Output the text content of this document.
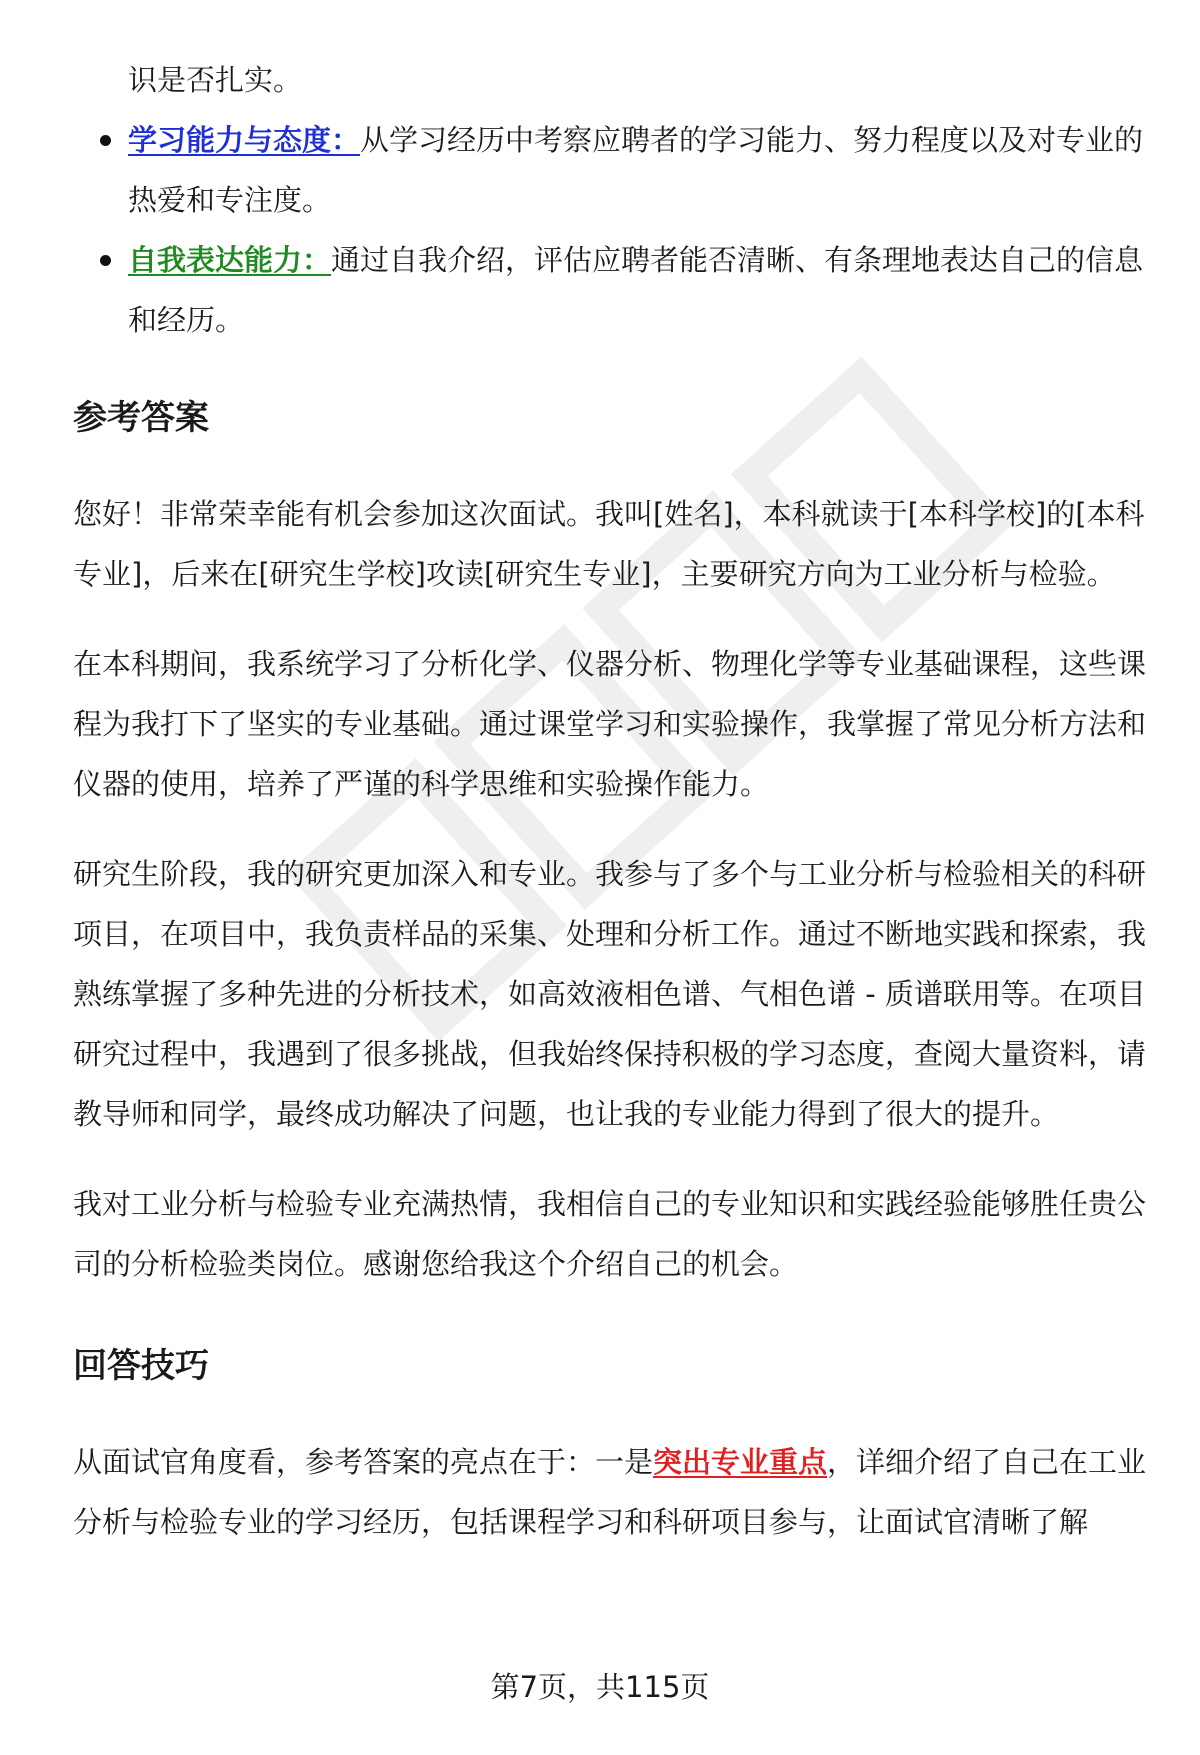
识是否扎实。
学习能力与态度：从学习经历中考察应聘者的学习能力、努力程度以及对专业的热爱和专注度。
自我表达能力：通过自我介绍，评估应聘者能否清晰、有条理地表达自己的信息和经历。
参考答案

您好！非常荣幸能有机会参加这次面试。我叫[姓名]，本科就读于[本科学校]的[本科专业]，后来在[研究生学校]攻读[研究生专业]，主要研究方向为工业分析与检验。

在本科期间，我系统学习了分析化学、仪器分析、物理化学等专业基础课程，这些课程为我打下了坚实的专业基础。通过课堂学习和实验操作，我掌握了常见分析方法和仪器的使用，培养了严谨的科学思维和实验操作能力。

研究生阶段，我的研究更加深入和专业。我参与了多个与工业分析与检验相关的科研项目，在项目中，我负责样品的采集、处理和分析工作。通过不断地实践和探索，我熟练掌握了多种先进的分析技术，如高效液相色谱、气相色谱 - 质谱联用等。在项目研究过程中，我遇到了很多挑战，但我始终保持积极的学习态度，查阅大量资料，请教导师和同学，最终成功解决了问题，也让我的专业能力得到了很大的提升。

我对工业分析与检验专业充满热情，我相信自己的专业知识和实践经验能够胜任贵公司的分析检验类岗位。感谢您给我这个介绍自己的机会。

回答技巧

从面试官角度看，参考答案的亮点在于：一是突出专业重点，详细介绍了自己在工业分析与检验专业的学习经历，包括课程学习和科研项目参与，让面试官清晰了解

第7页，共115页
